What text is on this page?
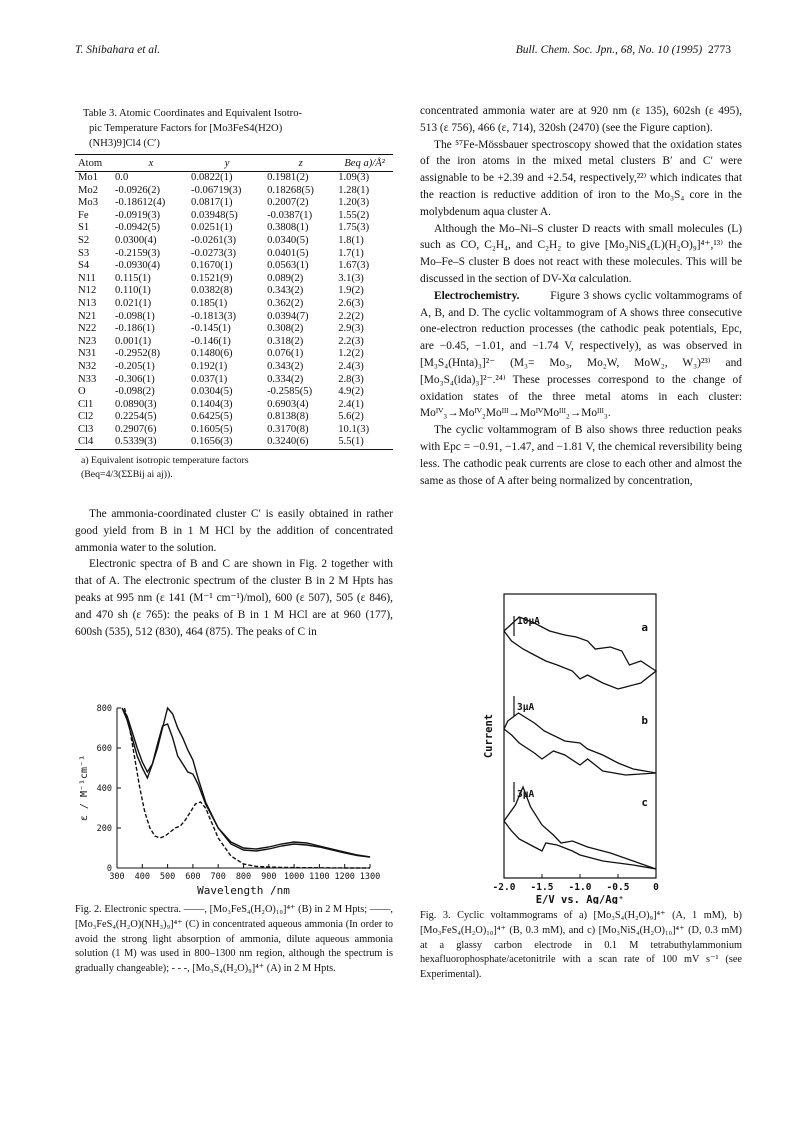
T. Shibahara et al.	Bull. Chem. Soc. Jpn., 68, No. 10 (1995) 2773

Table 3. Atomic Coordinates and Equivalent Isotro-

pic Temperature Factors for [Mo3FeS4(H2O)

(NH3)9]Cl4 (C′)

Atom	x	y	z	Beq a)/Å²
Mo1	0.0	0.0822(1)	0.1981(2)	1.09(3)
Mo2	-0.0926(2)	-0.06719(3)	0.18268(5)	1.28(1)
Mo3	-0.18612(4)	0.0817(1)	0.2007(2)	1.20(3)
Fe	-0.0919(3)	0.03948(5)	-0.0387(1)	1.55(2)
S1	-0.0942(5)	0.0251(1)	0.3808(1)	1.75(3)
S2	0.0300(4)	-0.0261(3)	0.0340(5)	1.8(1)
S3	-0.2159(3)	-0.0273(3)	0.0401(5)	1.7(1)
S4	-0.0930(4)	0.1670(1)	0.0563(1)	1.67(3)
N11	0.115(1)	0.1521(9)	0.089(2)	3.1(3)
N12	0.110(1)	0.0382(8)	0.343(2)	1.9(2)
N13	0.021(1)	0.185(1)	0.362(2)	2.6(3)
N21	-0.098(1)	-0.1813(3)	0.0394(7)	2.2(2)
N22	-0.186(1)	-0.145(1)	0.308(2)	2.9(3)
N23	0.001(1)	-0.146(1)	0.318(2)	2.2(3)
N31	-0.2952(8)	0.1480(6)	0.076(1)	1.2(2)
N32	-0.205(1)	0.192(1)	0.343(2)	2.4(3)
N33	-0.306(1)	0.037(1)	0.334(2)	2.8(3)
O	-0.098(2)	0.0304(5)	-0.2585(5)	4.9(2)
Cl1	0.0890(3)	0.1404(3)	0.6903(4)	2.4(1)
Cl2	0.2254(5)	0.6425(5)	0.8138(8)	5.6(2)
Cl3	0.2907(6)	0.1605(5)	0.3170(8)	10.1(3)
Cl4	0.5339(3)	0.1656(3)	0.3240(6)	5.5(1)
a) Equivalent isotropic temperature factors
(Beq=4/3(ΣΣBij ai aj)).

The ammonia-coordinated cluster C′ is easily obtained in rather good yield from B in 1 M HCl by the addition of concentrated ammonia water to the solution.

Electronic spectra of B and C are shown in Fig. 2 together with that of A. The electronic spectrum of the cluster B in 2 M Hpts has peaks at 995 nm (ε 141 (M⁻¹ cm⁻¹)/mol), 600 (ε 507), 505 (ε 846), and 470 sh (ε 765): the peaks of B in 1 M HCl are at 960 (177), 600sh (535), 512 (830), 464 (875). The peaks of C in

300 400 500 600 700 800 900 1000 1100 1200 1300
0
200
400
600
800
Wavelength /nm
ε / M⁻¹cm⁻¹

Fig. 2. Electronic spectra. ——, [Mo₃FeS₄(H₂O)₁₀]⁴⁺ (B) in 2 M Hpts; ——, [Mo₃FeS₄(H₂O)(NH₃)₉]⁴⁺ (C) in concentrated aqueous ammonia (In order to avoid the strong light absorption of ammonia, dilute aqueous ammonia solution (1 M) was used in 800–1300 nm region, although the spectrum is gradually changeable); - - -, [Mo₃S₄(H₂O)₉]⁴⁺ (A) in 2 M Hpts.

concentrated ammonia water are at 920 nm (ε 135), 602sh (ε 495), 513 (ε 756), 466 (ε, 714), 320sh (2470) (see the Figure caption).

The ⁵⁷Fe-Mössbauer spectroscopy showed that the oxidation states of the iron atoms in the mixed metal clusters B′ and C′ were assignable to be +2.39 and +2.54, respectively,²²⁾ which indicates that the reaction is reductive addition of iron to the Mo₃S₄ core in the molybdenum aqua cluster A.

Although the Mo–Ni–S cluster D reacts with small molecules (L) such as CO, C₂H₄, and C₂H₂ to give [Mo₃NiS₄(L)(H₂O)₉]⁴⁺,¹³⁾ the Mo–Fe–S cluster B does not react with these molecules. This will be discussed in the section of DV-Xα calculation.

Electrochemistry.	Figure 3 shows cyclic voltammograms of A, B, and D. The cyclic voltammogram of A shows three consecutive one-electron reduction processes (the cathodic peak potentials, Epc, are −0.45, −1.01, and −1.74 V, respectively), as was observed in [M₃S₄(Hnta)₃]²⁻ (M₃= Mo₃, Mo₂W, MoW₂, W₃)²³⁾ and [Mo₃S₄(ida)₃]²⁻.²⁴⁾ These processes correspond to the change of oxidation states of the three metal atoms in each cluster: Moᴵⱽ₃→Moᴵⱽ₂Moᴵᴵᴵ→MoᴵⱽMoᴵᴵᴵ₂→Moᴵᴵᴵ₃.

The cyclic voltammogram of B also shows three reduction peaks with Epc = −0.91, −1.47, and −1.81 V, the chemical reversibility being less. The cathodic peak currents are close to each other and almost the same as those of A after being normalized by concentration,

-2.0 -1.5 -1.0 -0.5 0
E/V vs. Ag/Ag⁺
Current
10μA	a
3μA
b
3μA
c

Fig. 3. Cyclic voltammograms of a) [Mo₃S₄(H₂O)₉]⁴⁺ (A, 1 mM), b) [Mo₃FeS₄(H₂O)₁₀]⁴⁺ (B, 0.3 mM), and c) [Mo₃NiS₄(H₂O)₁₀]⁴⁺ (D, 0.3 mM) at a glassy carbon electrode in 0.1 M tetrabuthylammonium hexafluorophosphate/acetonitrile with a scan rate of 100 mV s⁻¹ (see Experimental).
